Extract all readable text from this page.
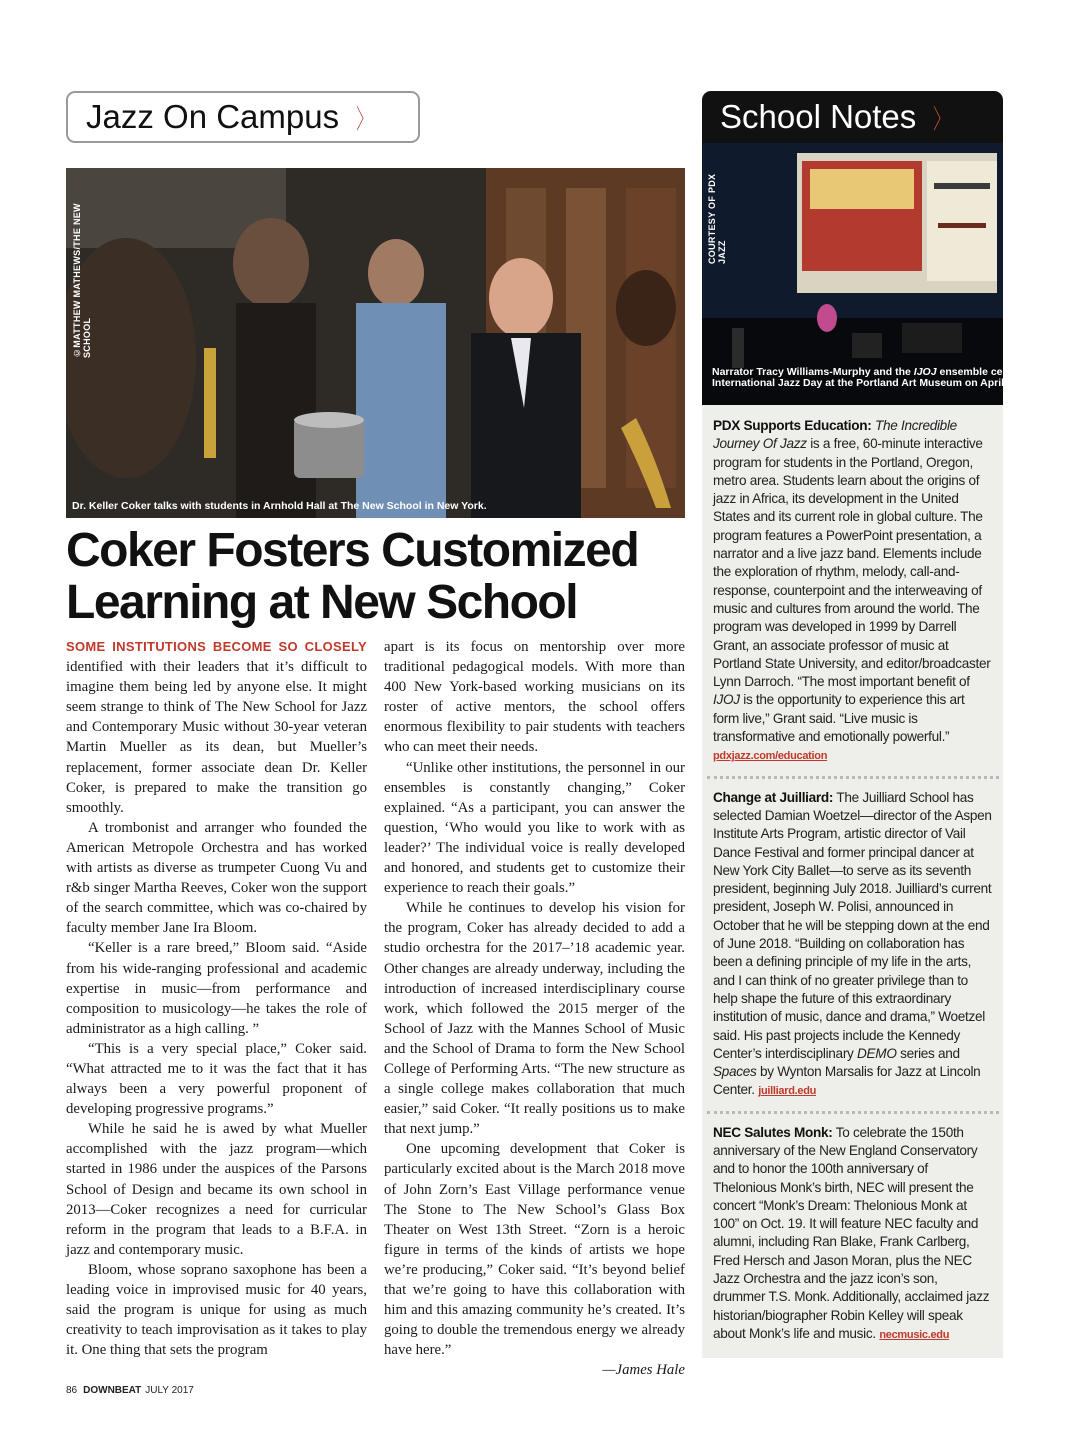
Jazz On Campus 〉	School Notes 〉
©MATTHEW MATHEWS/THE NEW SCHOOL
Dr. Keller Coker talks with students in Arnhold Hall at The New School in New York.
Coker Fosters Customized Learning at New School

SOME INSTITUTIONS BECOME SO CLOSELY identified with their leaders that it’s difficult to imagine them being led by anyone else. It might seem strange to think of The New School for Jazz and Contemporary Music without 30-year veteran Martin Mueller as its dean, but Mueller’s replacement, former associate dean Dr. Keller Coker, is prepared to make the transition go smoothly.

A trombonist and arranger who founded the American Metropole Orchestra and has worked with artists as diverse as trumpeter Cuong Vu and r&b singer Martha Reeves, Coker won the support of the search committee, which was co-chaired by faculty member Jane Ira Bloom.

“Keller is a rare breed,” Bloom said. “Aside from his wide-ranging professional and academic expertise in music—from performance and composition to musicology—he takes the role of administrator as a high calling. ”

“This is a very special place,” Coker said. “What attracted me to it was the fact that it has always been a very powerful proponent of developing progressive programs.”

While he said he is awed by what Mueller accomplished with the jazz program—which started in 1986 under the auspices of the Parsons School of Design and became its own school in 2013—Coker recognizes a need for curricular reform in the program that leads to a B.F.A. in jazz and contemporary music.

Bloom, whose soprano saxophone has been a leading voice in improvised music for 40 years, said the program is unique for using as much creativity to teach improvisation as it takes to play it. One thing that sets the program

apart is its focus on mentorship over more traditional pedagogical models. With more than 400 New York-based working musicians on its roster of active mentors, the school offers enormous flexibility to pair students with teachers who can meet their needs.

“Unlike other institutions, the personnel in our ensembles is constantly changing,” Coker explained. “As a participant, you can answer the question, ‘Who would you like to work with as leader?’ The individual voice is really developed and honored, and students get to customize their experience to reach their goals.”

While he continues to develop his vision for the program, Coker has already decided to add a studio orchestra for the 2017–’18 academic year. Other changes are already underway, including the introduction of increased interdisciplinary course work, which followed the 2015 merger of the School of Jazz with the Mannes School of Music and the School of Drama to form the New School College of Performing Arts. “The new structure as a single college makes collaboration that much easier,” said Coker. “It really positions us to make that next jump.”

One upcoming development that Coker is particularly excited about is the March 2018 move of John Zorn’s East Village performance venue The Stone to The New School’s Glass Box Theater on West 13th Street. “Zorn is a heroic figure in terms of the kinds of artists we hope we’re producing,” Coker said. “It’s beyond belief that we’re going to have this collaboration with him and this amazing community he’s created. It’s going to double the tremendous energy we already have here.”
—James Hale

COURTESY OF PDX JAZZ
Narrator Tracy Williams-Murphy and the IJOJ ensemble celebrate International Jazz Day at the Portland Art Museum on April 30.
PDX Supports Education: The Incredible Journey Of Jazz is a free, 60-minute interactive program for students in the Portland, Oregon, metro area. Students learn about the origins of jazz in Africa, its development in the United States and its current role in global culture. The program features a PowerPoint presentation, a narrator and a live jazz band. Elements include the exploration of rhythm, melody, call-and-response, counterpoint and the interweaving of music and cultures from around the world. The program was developed in 1999 by Darrell Grant, an associate professor of music at Portland State University, and editor/broadcaster Lynn Darroch. “The most important benefit of IJOJ is the opportunity to experience this art form live,” Grant said. “Live music is transformative and emotionally powerful.” pdxjazz.com/education
Change at Juilliard: The Juilliard School has selected Damian Woetzel—director of the Aspen Institute Arts Program, artistic director of Vail Dance Festival and former principal dancer at New York City Ballet—to serve as its seventh president, beginning July 2018. Juilliard’s current president, Joseph W. Polisi, announced in October that he will be stepping down at the end of June 2018. “Building on collaboration has been a defining principle of my life in the arts, and I can think of no greater privilege than to help shape the future of this extraordinary institution of music, dance and drama,” Woetzel said. His past projects include the Kennedy Center’s interdisciplinary DEMO series and Spaces by Wynton Marsalis for Jazz at Lincoln Center. juilliard.edu
NEC Salutes Monk: To celebrate the 150th anniversary of the New England Conservatory and to honor the 100th anniversary of Thelonious Monk’s birth, NEC will present the concert “Monk’s Dream: Thelonious Monk at 100” on Oct. 19. It will feature NEC faculty and alumni, including Ran Blake, Frank Carlberg, Fred Hersch and Jason Moran, plus the NEC Jazz Orchestra and the jazz icon’s son, drummer T.S. Monk. Additionally, acclaimed jazz historian/biographer Robin Kelley will speak about Monk’s life and music. necmusic.edu
86 DOWNBEAT JULY 2017
